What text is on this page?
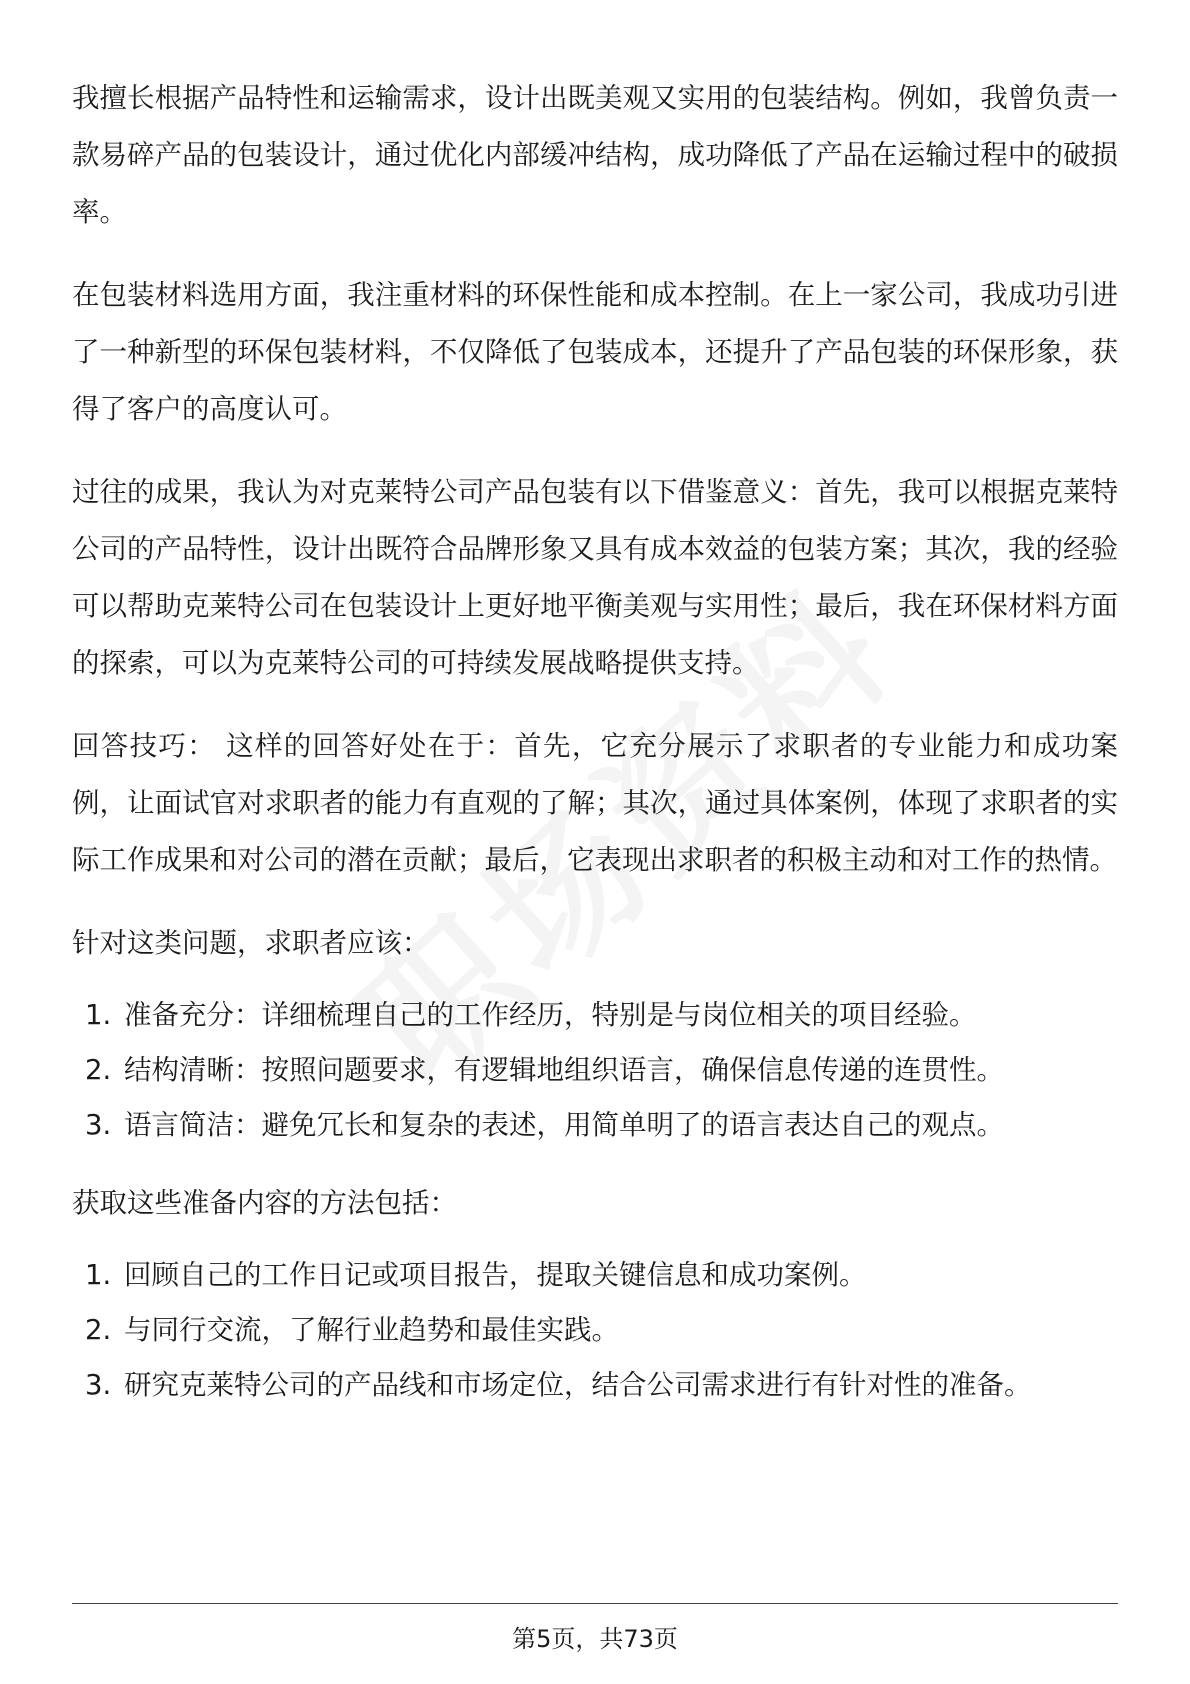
我擅长根据产品特性和运输需求，设计出既美观又实用的包装结构。例如，我曾负责一款易碎产品的包装设计，通过优化内部缓冲结构，成功降低了产品在运输过程中的破损率。

在包装材料选用方面，我注重材料的环保性能和成本控制。在上一家公司，我成功引进了一种新型的环保包装材料，不仅降低了包装成本，还提升了产品包装的环保形象，获得了客户的高度认可。

过往的成果，我认为对克莱特公司产品包装有以下借鉴意义：首先，我可以根据克莱特公司的产品特性，设计出既符合品牌形象又具有成本效益的包装方案；其次，我的经验可以帮助克莱特公司在包装设计上更好地平衡美观与实用性；最后，我在环保材料方面的探索，可以为克莱特公司的可持续发展战略提供支持。

回答技巧： 这样的回答好处在于：首先，它充分展示了求职者的专业能力和成功案例，让面试官对求职者的能力有直观的了解；其次，通过具体案例，体现了求职者的实际工作成果和对公司的潜在贡献；最后，它表现出求职者的积极主动和对工作的热情。

针对这类问题，求职者应该：

1. 准备充分：详细梳理自己的工作经历，特别是与岗位相关的项目经验。
2. 结构清晰：按照问题要求，有逻辑地组织语言，确保信息传递的连贯性。
3. 语言简洁：避免冗长和复杂的表述，用简单明了的语言表达自己的观点。

获取这些准备内容的方法包括：

1. 回顾自己的工作日记或项目报告，提取关键信息和成功案例。
2. 与同行交流，了解行业趋势和最佳实践。
3. 研究克莱特公司的产品线和市场定位，结合公司需求进行有针对性的准备。
第5页，共73页
